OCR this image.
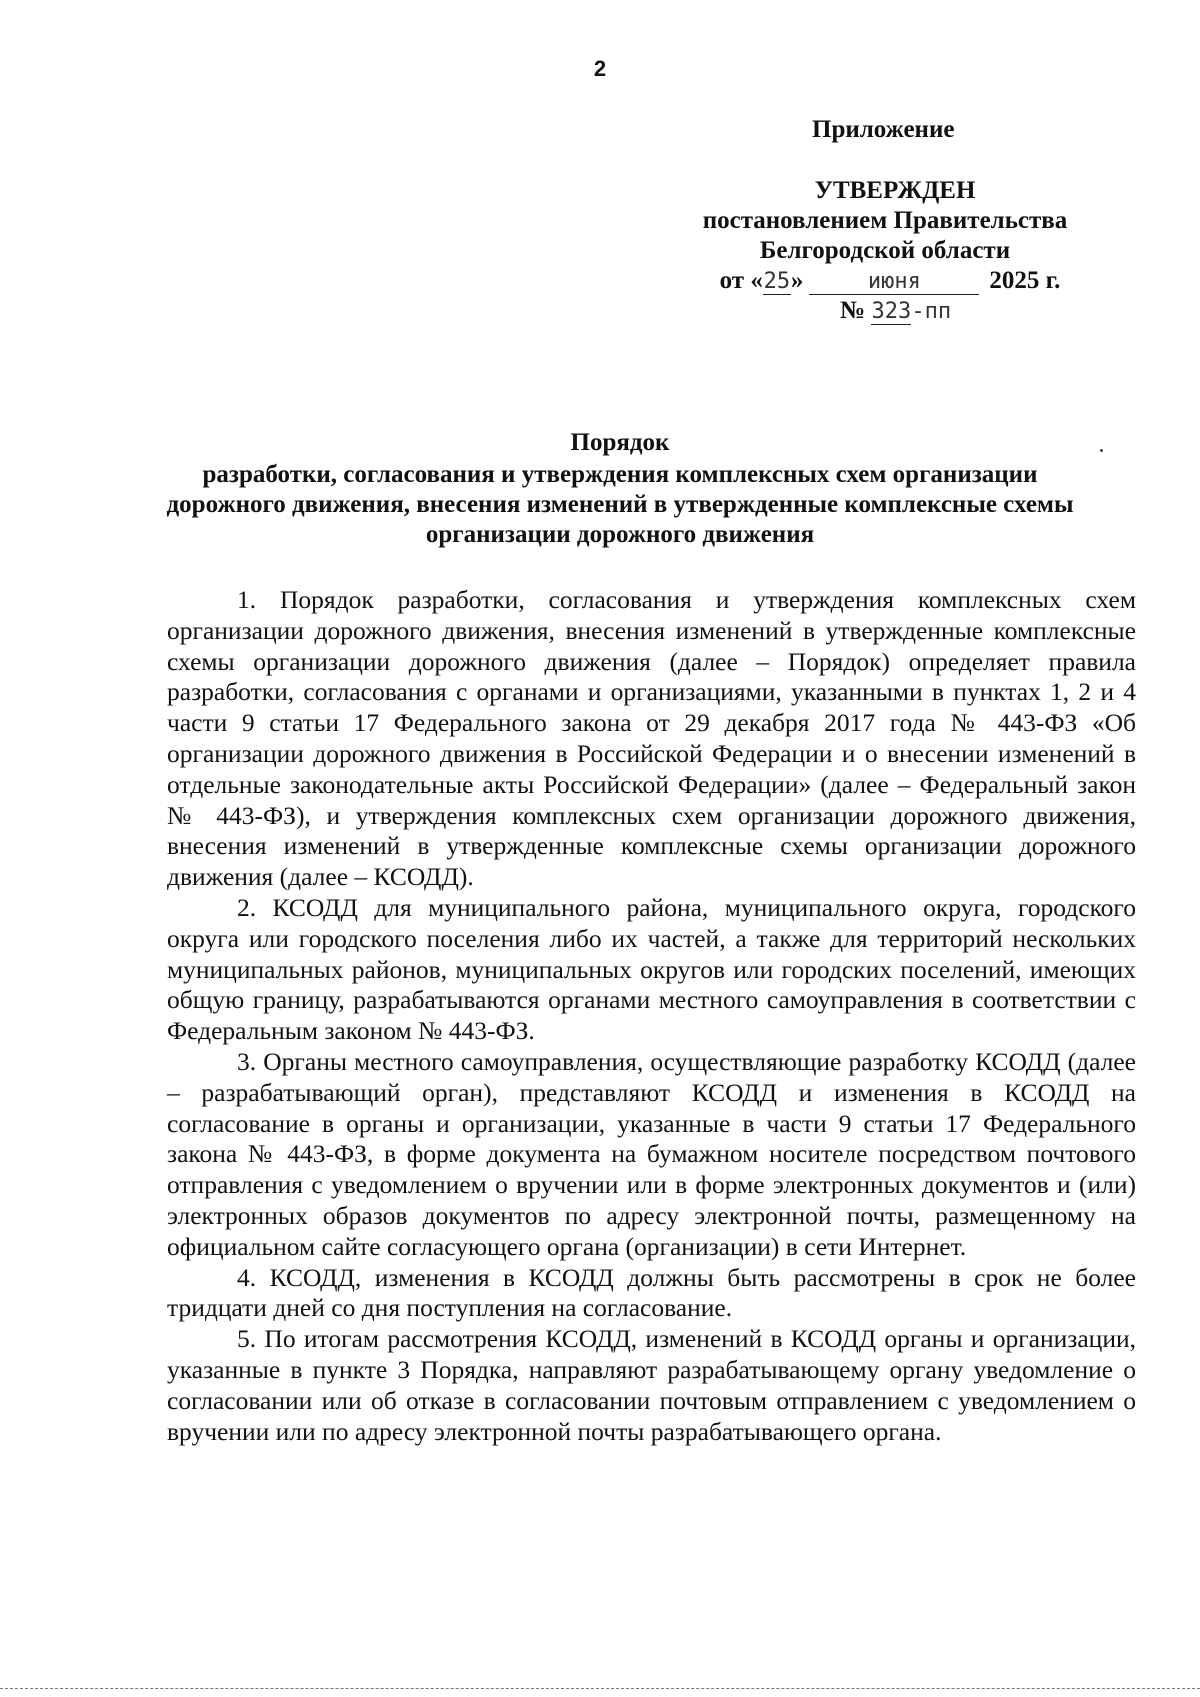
2
Приложение
УТВЕРЖДЕН
постановлением Правительства
Белгородской области
от «25»	июня	2025 г.
№ 323-пп
Порядок
разработки, согласования и утверждения комплексных схем организации дорожного движения, внесения изменений в утвержденные комплексные схемы организации дорожного движения

1. Порядок разработки, согласования и утверждения комплексных схем организации дорожного движения, внесения изменений в утвержденные комплексные схемы организации дорожного движения (далее – Порядок) определяет правила разработки, согласования с органами и организациями, указанными в пунктах 1, 2 и 4 части 9 статьи 17 Федерального закона от 29 декабря 2017 года № 443-ФЗ «Об организации дорожного движения в Российской Федерации и о внесении изменений в отдельные законодательные акты Российской Федерации» (далее – Федеральный закон № 443-ФЗ), и утверждения комплексных схем организации дорожного движения, внесения изменений в утвержденные комплексные схемы организации дорожного движения (далее – КСОДД).

2. КСОДД для муниципального района, муниципального округа, городского округа или городского поселения либо их частей, а также для территорий нескольких муниципальных районов, муниципальных округов или городских поселений, имеющих общую границу, разрабатываются органами местного самоуправления в соответствии с Федеральным законом № 443-ФЗ.

3. Органы местного самоуправления, осуществляющие разработку КСОДД (далее – разрабатывающий орган), представляют КСОДД и изменения в КСОДД на согласование в органы и организации, указанные в части 9 статьи 17 Федерального закона № 443-ФЗ, в форме документа на бумажном носителе посредством почтового отправления с уведомлением о вручении или в форме электронных документов и (или) электронных образов документов по адресу электронной почты, размещенному на официальном сайте согласующего органа (организации) в сети Интернет.

4. КСОДД, изменения в КСОДД должны быть рассмотрены в срок не более тридцати дней со дня поступления на согласование.

5. По итогам рассмотрения КСОДД, изменений в КСОДД органы и организации, указанные в пункте 3 Порядка, направляют разрабатывающему органу уведомление о согласовании или об отказе в согласовании почтовым отправлением с уведомлением о вручении или по адресу электронной почты разрабатывающего органа.
